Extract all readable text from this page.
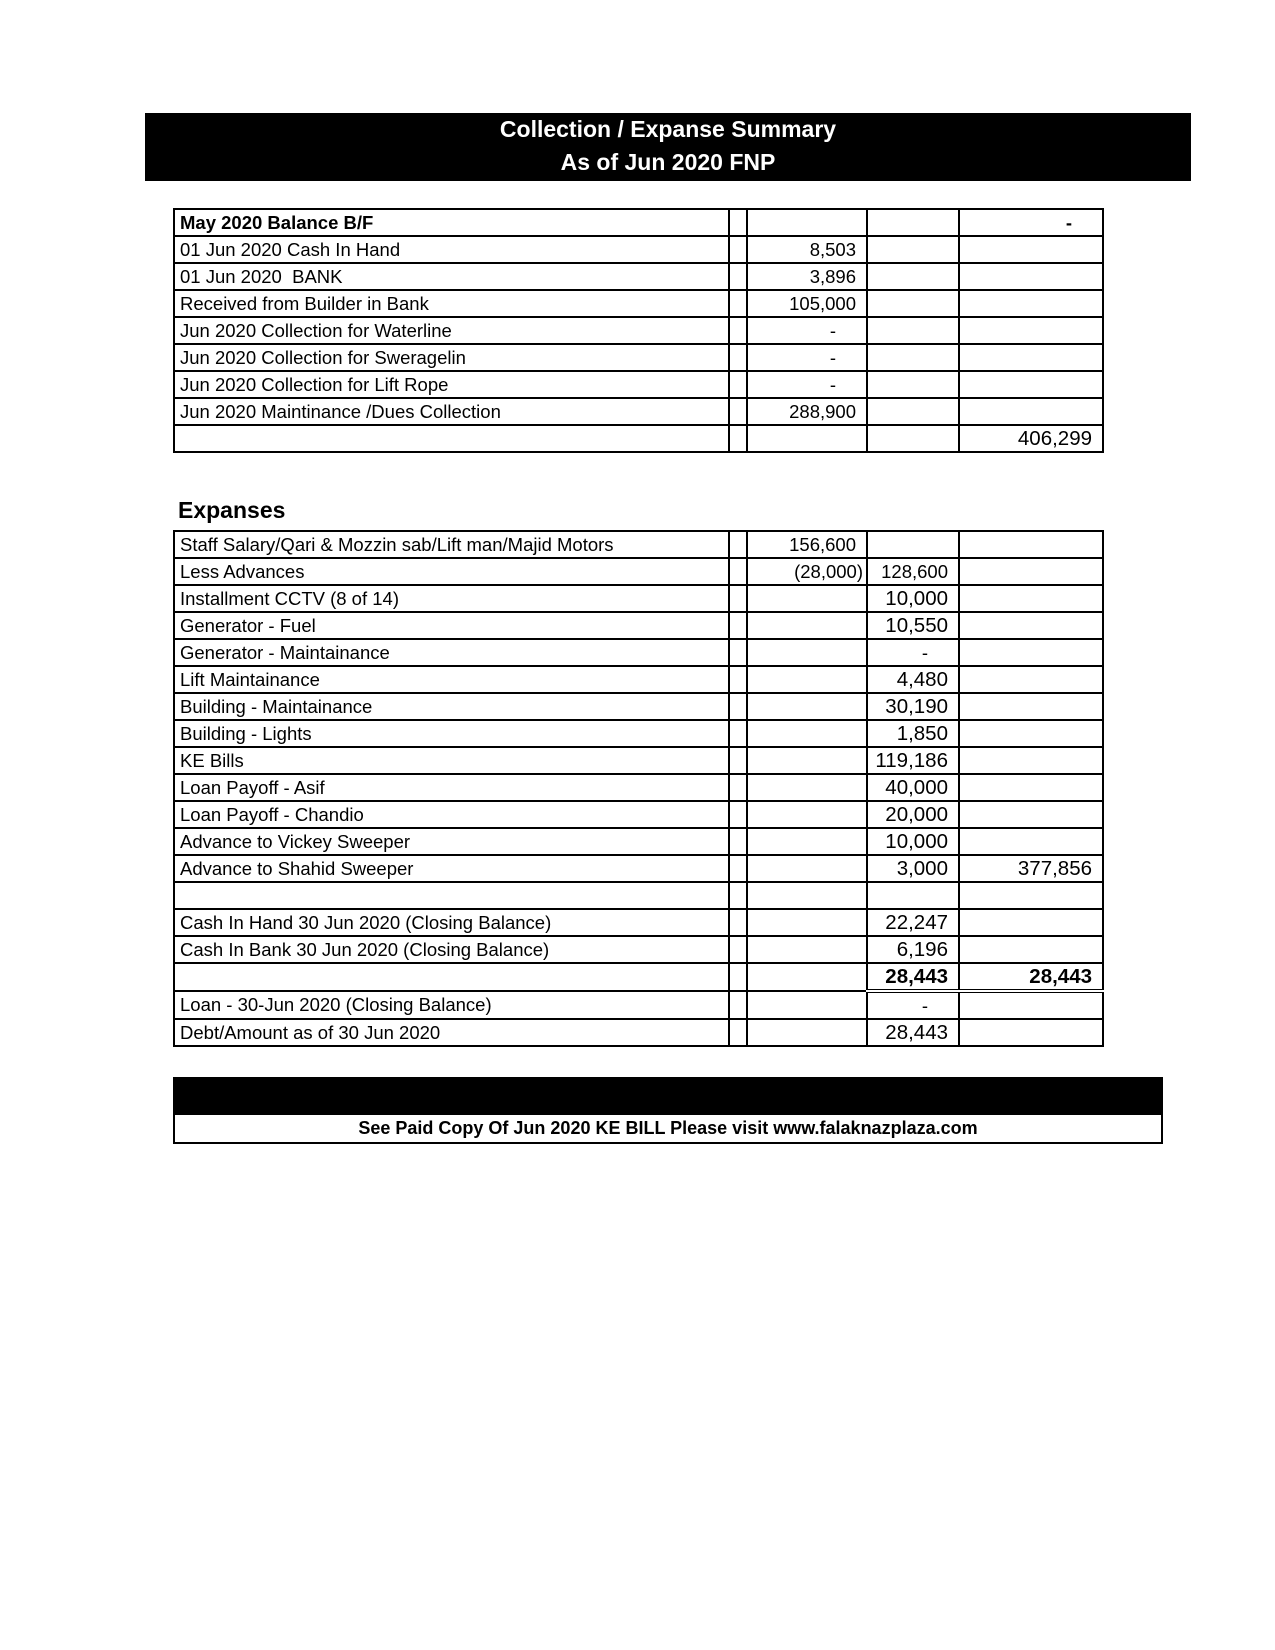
Collection / Expanse Summary
As of Jun 2020 FNP
May 2020 Balance B/F				-
01 Jun 2020 Cash In Hand		8,503		
01 Jun 2020  BANK		3,896		
Received from Builder in Bank		105,000		
Jun 2020 Collection for Waterline		-		
Jun 2020 Collection for Sweragelin		-		
Jun 2020 Collection for Lift Rope		-		
Jun 2020 Maintinance /Dues Collection		288,900		
				406,299
Expanses
Staff Salary/Qari & Mozzin sab/Lift man/Majid Motors		156,600		
Less Advances		(28,000)	128,600	
Installment CCTV (8 of 14)			10,000	
Generator - Fuel			10,550	
Generator - Maintainance			-	
Lift Maintainance			4,480	
Building - Maintainance			30,190	
Building - Lights			1,850	
KE Bills			119,186	
Loan Payoff - Asif			40,000	
Loan Payoff - Chandio			20,000	
Advance to Vickey Sweeper			10,000	
Advance to Shahid Sweeper			3,000	377,856

Cash In Hand 30 Jun 2020 (Closing Balance)			22,247	
Cash In Bank 30 Jun 2020 (Closing Balance)			6,196	
			28,443	28,443
Loan - 30-Jun 2020 (Closing Balance)			-	
Debt/Amount as of 30 Jun 2020			28,443	
See Paid Copy Of Jun 2020 KE BILL Please visit www.falaknazplaza.com
